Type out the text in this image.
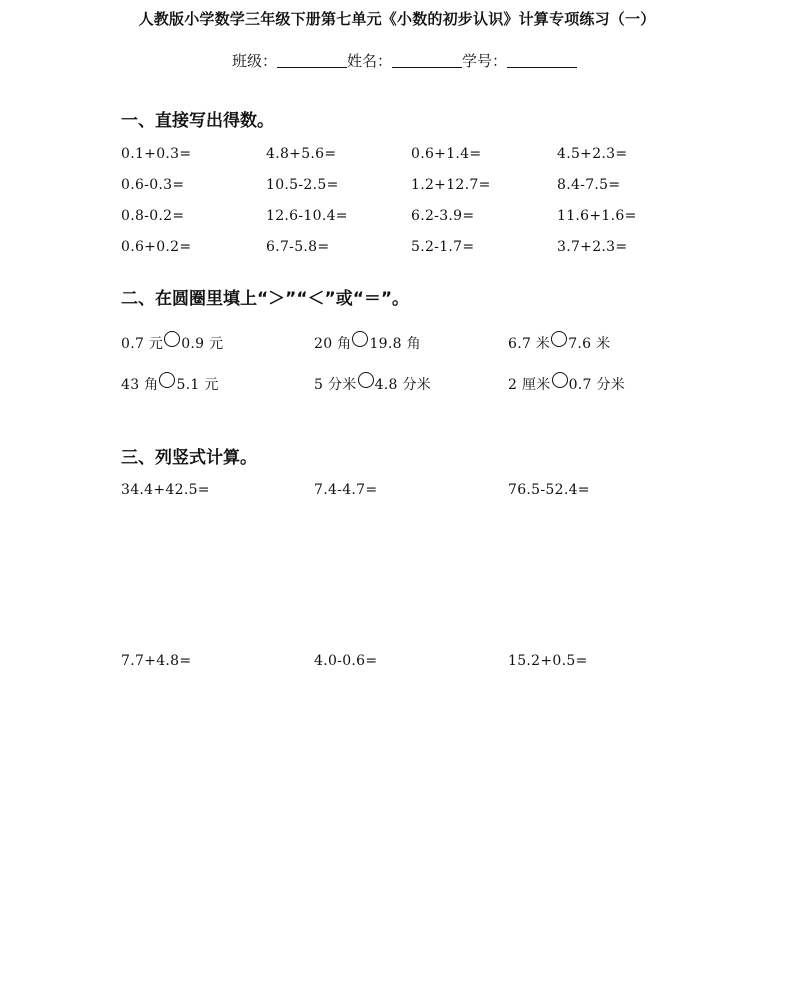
人教版小学数学三年级下册第七单元《小数的初步认识》计算专项练习（一）
班级：	姓名：	学号：
一、直接写出得数。
0.1+0.3=	4.8+5.6=	0.6+1.4=	4.5+2.3=
0.6-0.3=	10.5-2.5=	1.2+12.7=	8.4-7.5=
0.8-0.2=	12.6-10.4=	6.2-3.9=	11.6+1.6=
0.6+0.2=	6.7-5.8=	5.2-1.7=	3.7+2.3=
二、在圆圈里填上“＞”“＜”或“＝”。
0.7 元 0.9 元	20 角 19.8 角	6.7 米 7.6 米
43 角 5.1 元	5 分米 4.8 分米	2 厘米 0.7 分米
三、列竖式计算。
34.4+42.5=	7.4-4.7=	76.5-52.4=
7.7+4.8=	4.0-0.6=	15.2+0.5=
